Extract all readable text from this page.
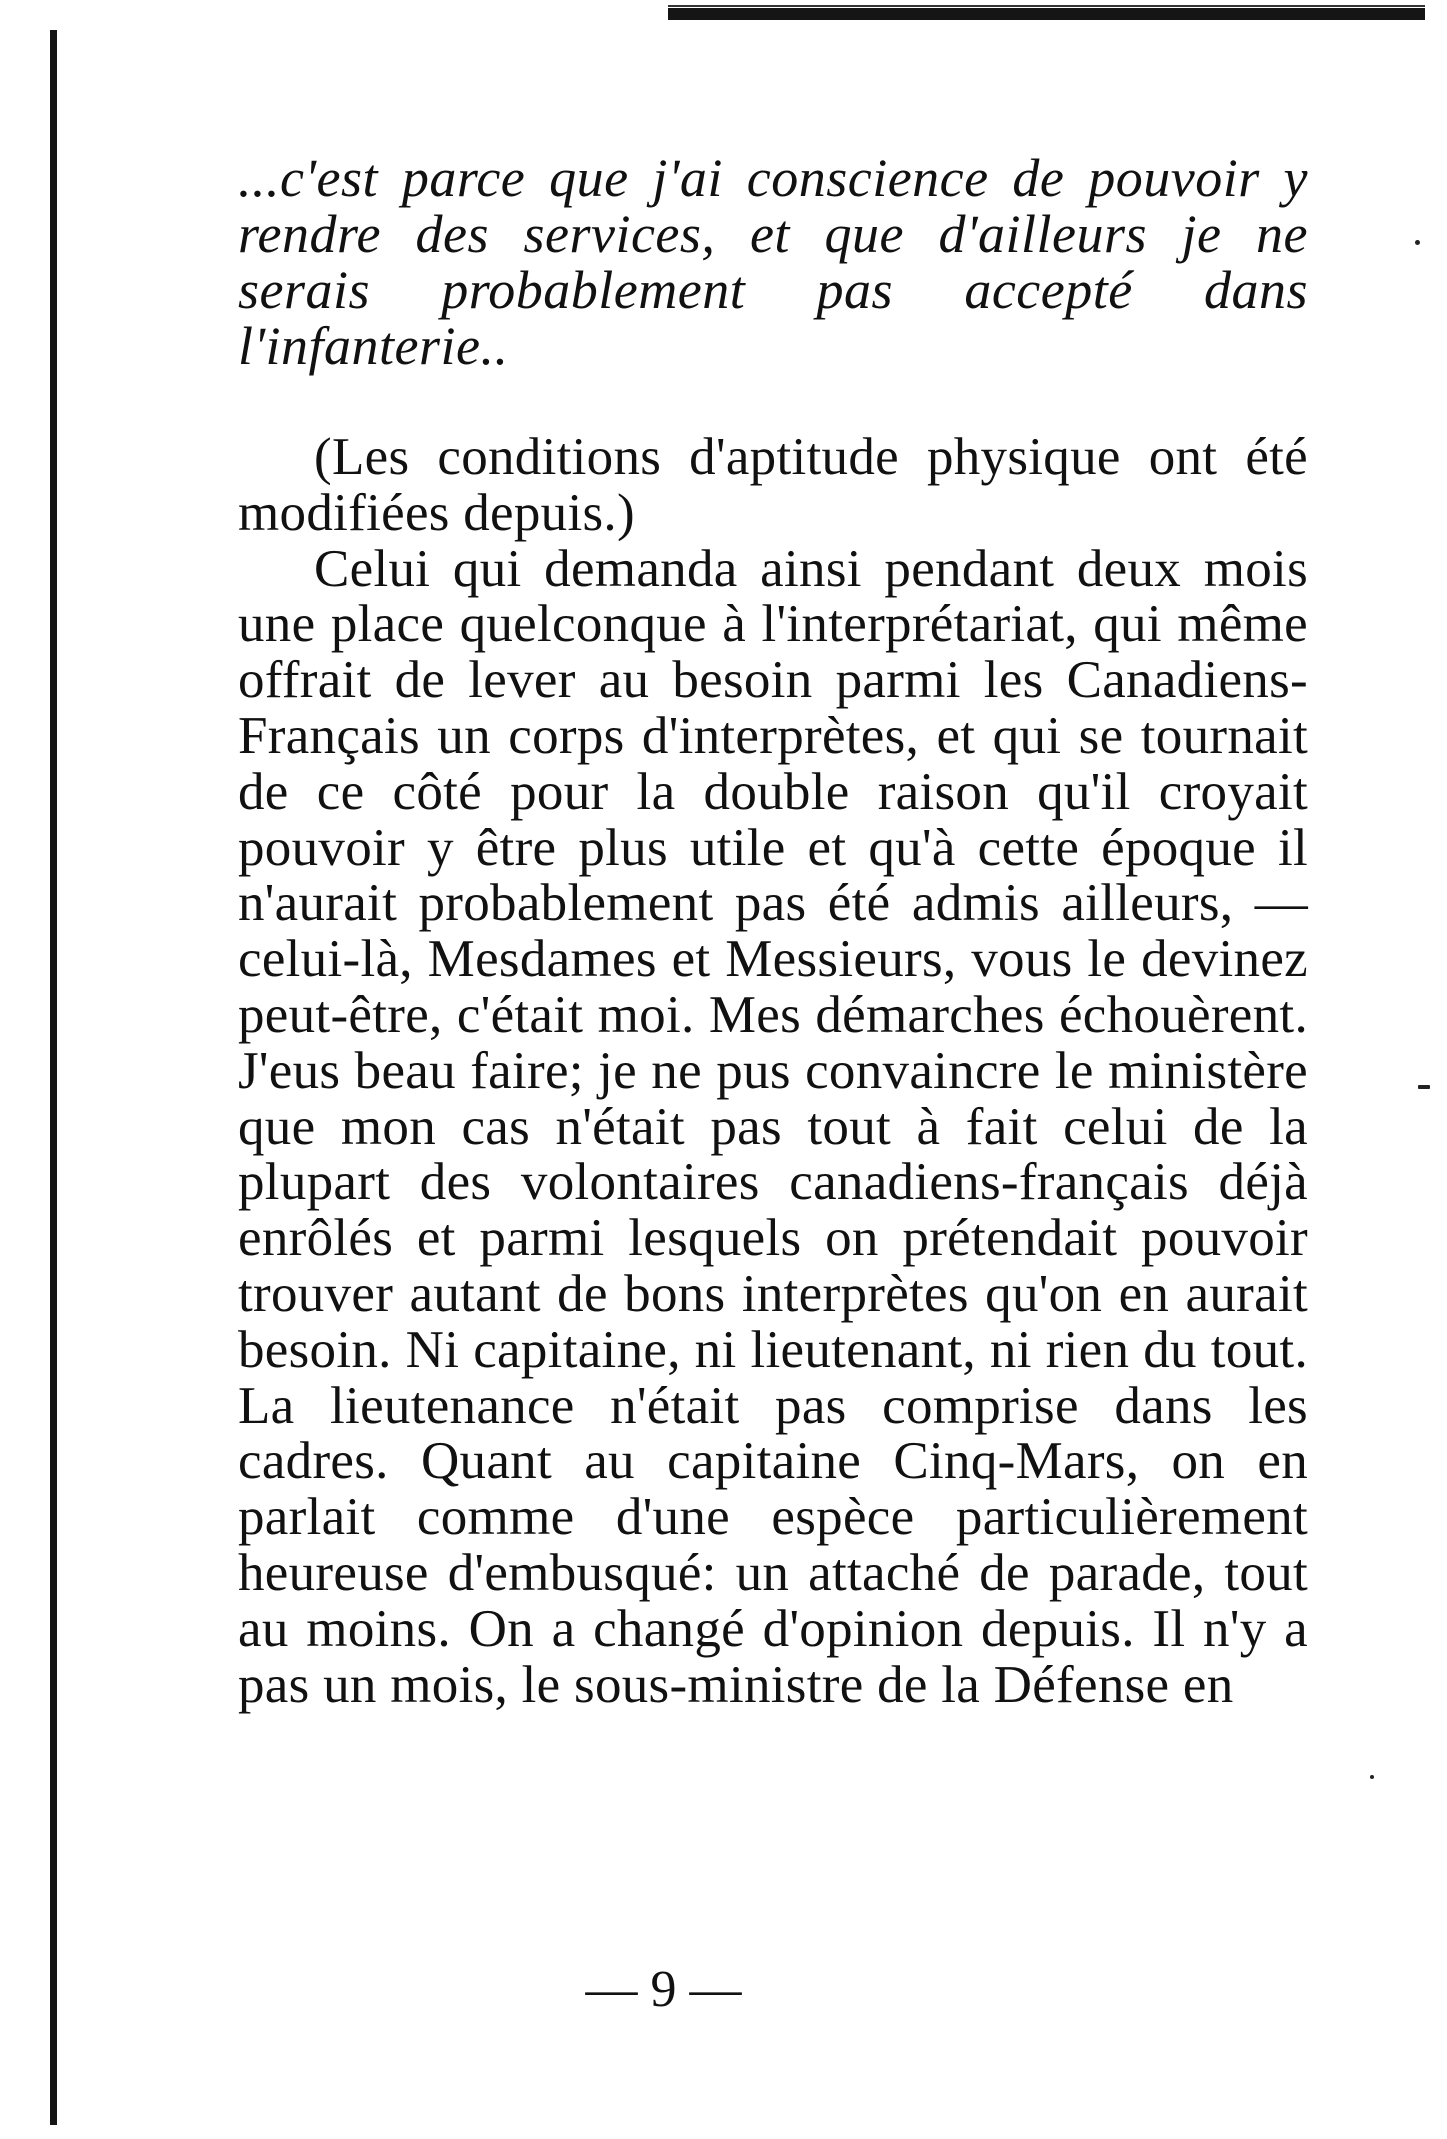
...c'est parce que j'ai conscience de pouvoir y rendre des services, et que d'ailleurs je ne serais probablement pas accepté dans l'infanterie..

(Les conditions d'aptitude physique ont été modifiées depuis.)

Celui qui demanda ainsi pendant deux mois une place quelconque à l'interprétariat, qui même offrait de lever au besoin parmi les Canadiens-Français un corps d'interprètes, et qui se tournait de ce côté pour la double raison qu'il croyait pouvoir y être plus utile et qu'à cette époque il n'aurait probablement pas été admis ailleurs, — celui-là, Mesdames et Messieurs, vous le devinez peut-être, c'était moi. Mes démarches échouèrent. J'eus beau faire; je ne pus convaincre le ministère que mon cas n'était pas tout à fait celui de la plupart des volontaires canadiens-français déjà enrôlés et parmi lesquels on prétendait pouvoir trouver autant de bons interprètes qu'on en aurait besoin. Ni capitaine, ni lieutenant, ni rien du tout. La lieutenance n'était pas comprise dans les cadres. Quant au capitaine Cinq-Mars, on en parlait comme d'une espèce particulièrement heureuse d'embusqué: un attaché de parade, tout au moins. On a changé d'opinion depuis. Il n'y a pas un mois, le sous-ministre de la Défense en

— 9 —
